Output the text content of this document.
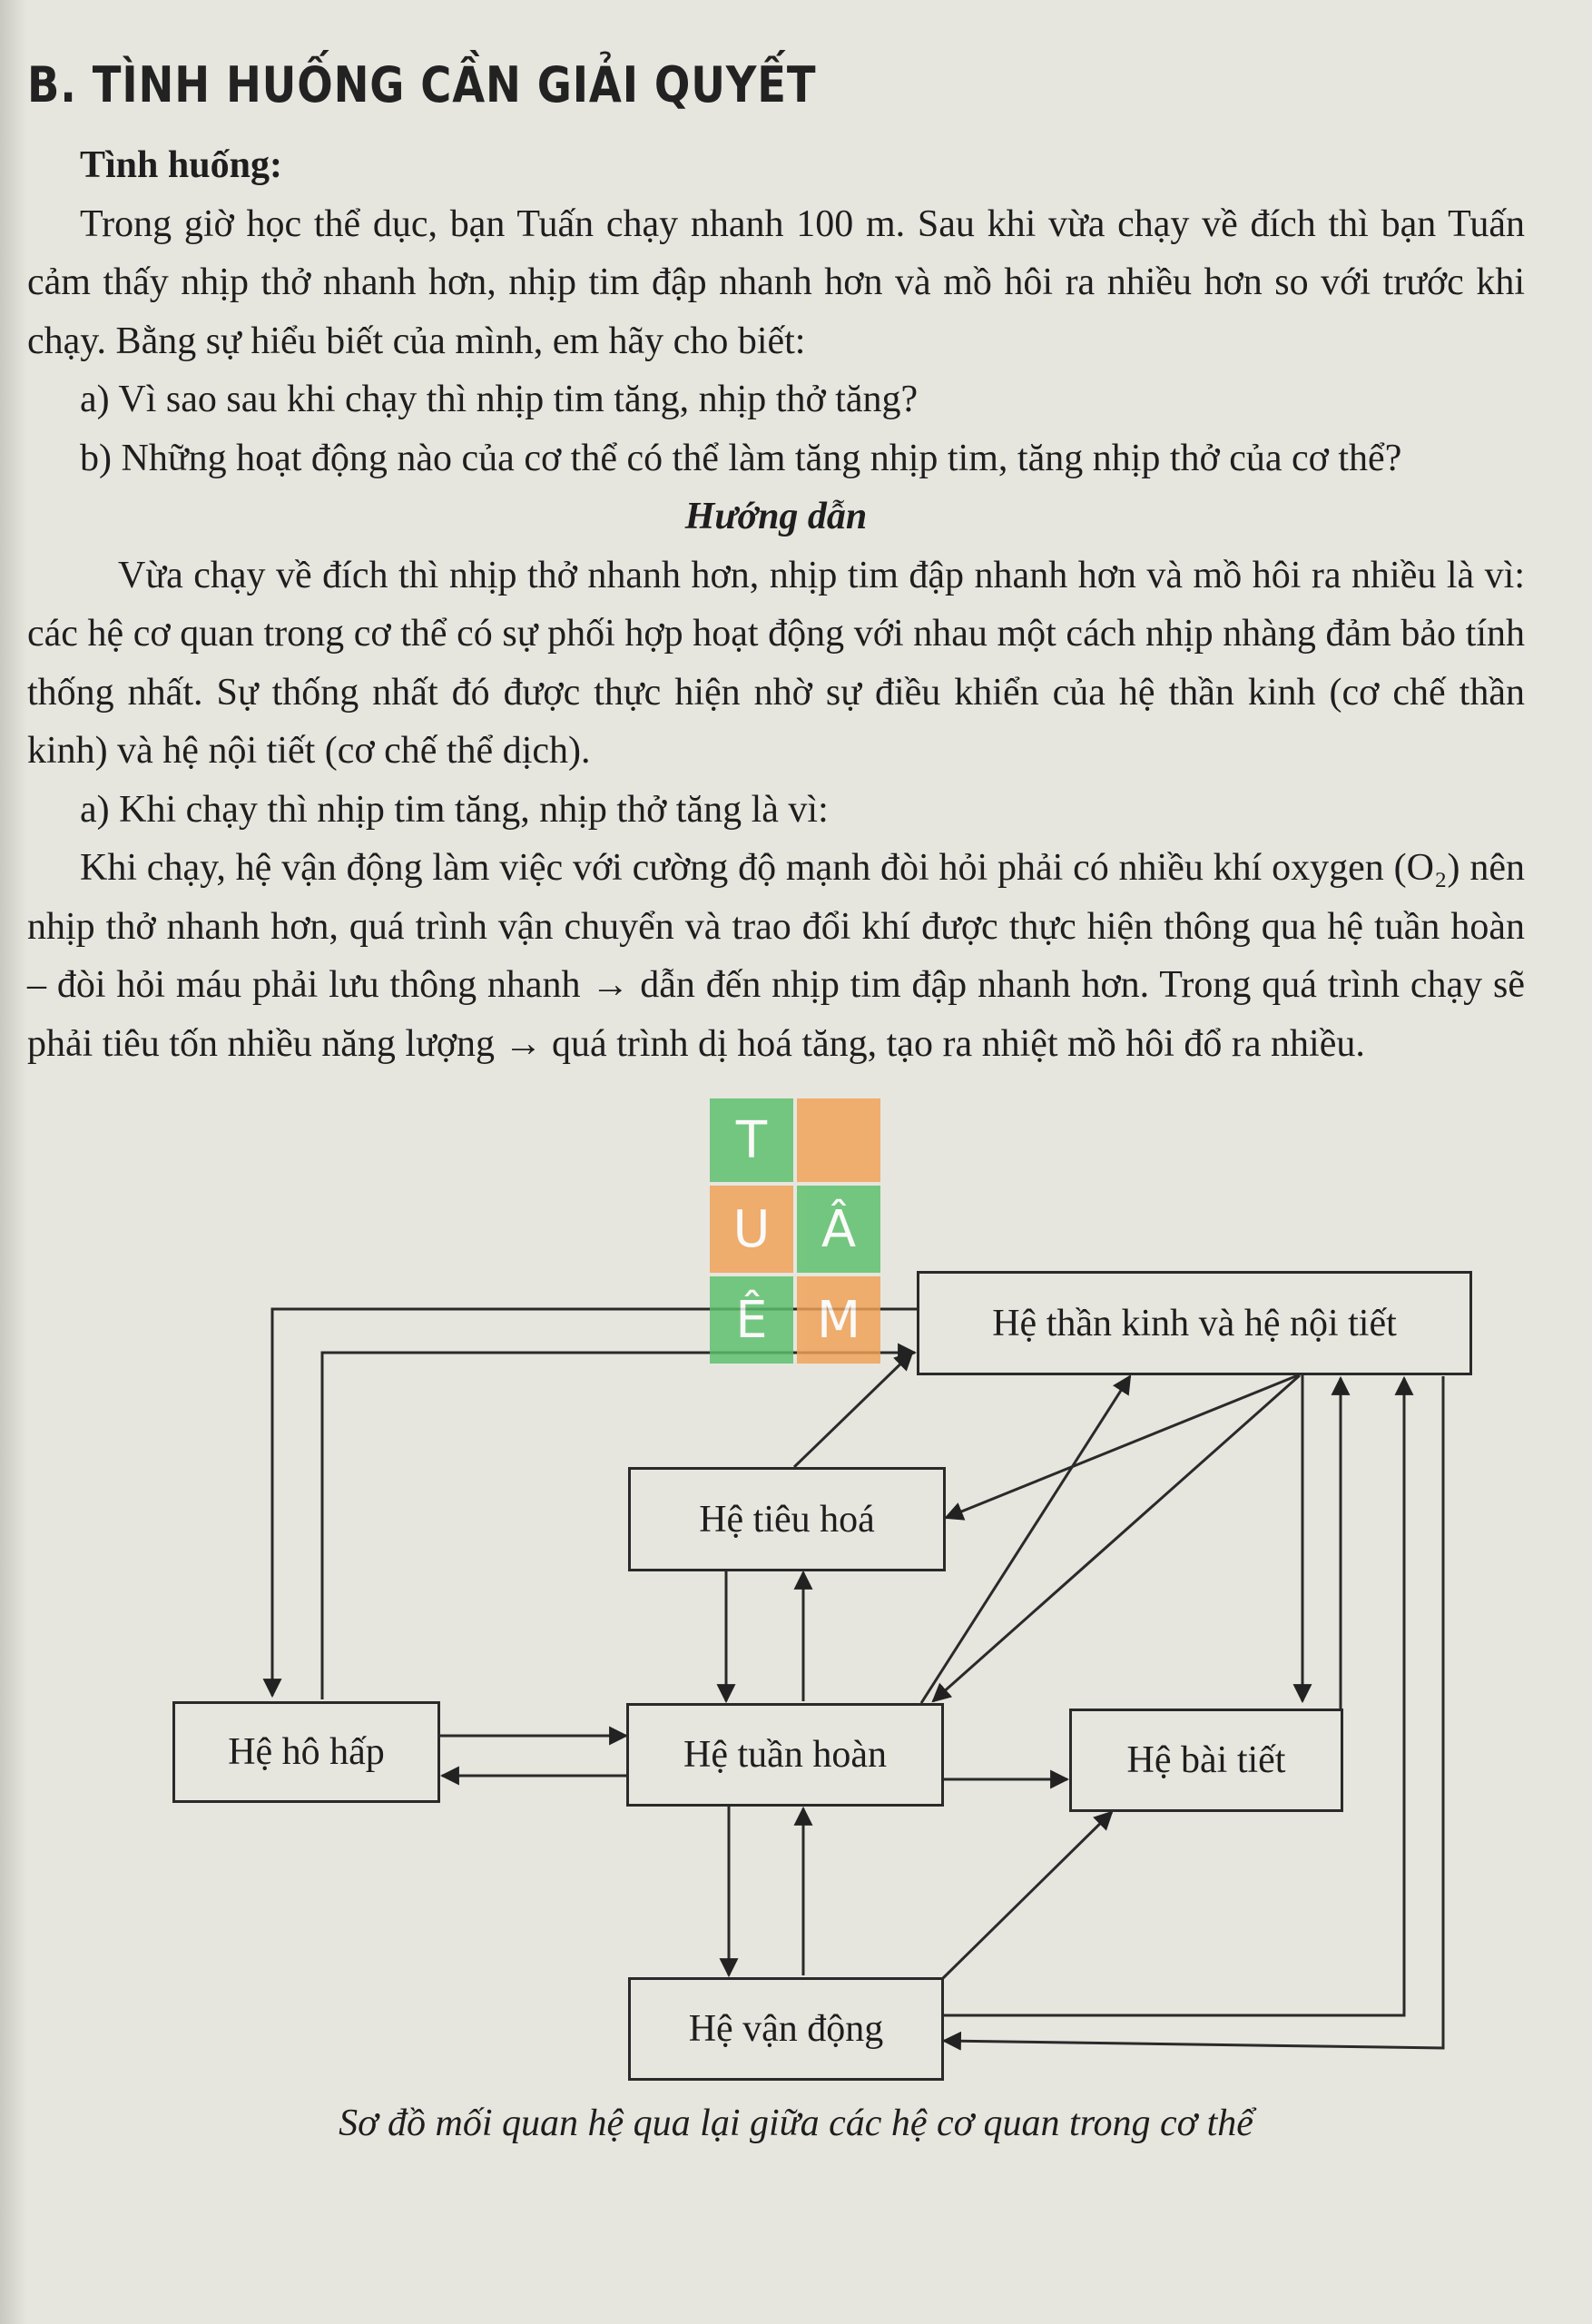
B. TÌNH HUỐNG CẦN GIẢI QUYẾT

Tình huống:

Trong giờ học thể dục, bạn Tuấn chạy nhanh 100 m. Sau khi vừa chạy về đích thì bạn Tuấn cảm thấy nhịp thở nhanh hơn, nhịp tim đập nhanh hơn và mồ hôi ra nhiều hơn so với trước khi chạy. Bằng sự hiểu biết của mình, em hãy cho biết:

a) Vì sao sau khi chạy thì nhịp tim tăng, nhịp thở tăng?

b) Những hoạt động nào của cơ thể có thể làm tăng nhịp tim, tăng nhịp thở của cơ thể?

Hướng dẫn

Vừa chạy về đích thì nhịp thở nhanh hơn, nhịp tim đập nhanh hơn và mồ hôi ra nhiều là vì: các hệ cơ quan trong cơ thể có sự phối hợp hoạt động với nhau một cách nhịp nhàng đảm bảo tính thống nhất. Sự thống nhất đó được thực hiện nhờ sự điều khiển của hệ thần kinh (cơ chế thần kinh) và hệ nội tiết (cơ chế thể dịch).

a) Khi chạy thì nhịp tim tăng, nhịp thở tăng là vì:

Khi chạy, hệ vận động làm việc với cường độ mạnh đòi hỏi phải có nhiều khí oxygen (O₂) nên nhịp thở nhanh hơn, quá trình vận chuyển và trao đổi khí được thực hiện thông qua hệ tuần hoàn – đòi hỏi máu phải lưu thông nhanh → dẫn đến nhịp tim đập nhanh hơn. Trong quá trình chạy sẽ phải tiêu tốn nhiều năng lượng → quá trình dị hoá tăng, tạo ra nhiệt mồ hôi đổ ra nhiều.

Hệ thần kinh và hệ nội tiết
Hệ tiêu hoá
Hệ hô hấp	Hệ tuần hoàn	Hệ bài tiết
Hệ vận động
Sơ đồ mối quan hệ qua lại giữa các hệ cơ quan trong cơ thể
T
U	Â
Ê M
